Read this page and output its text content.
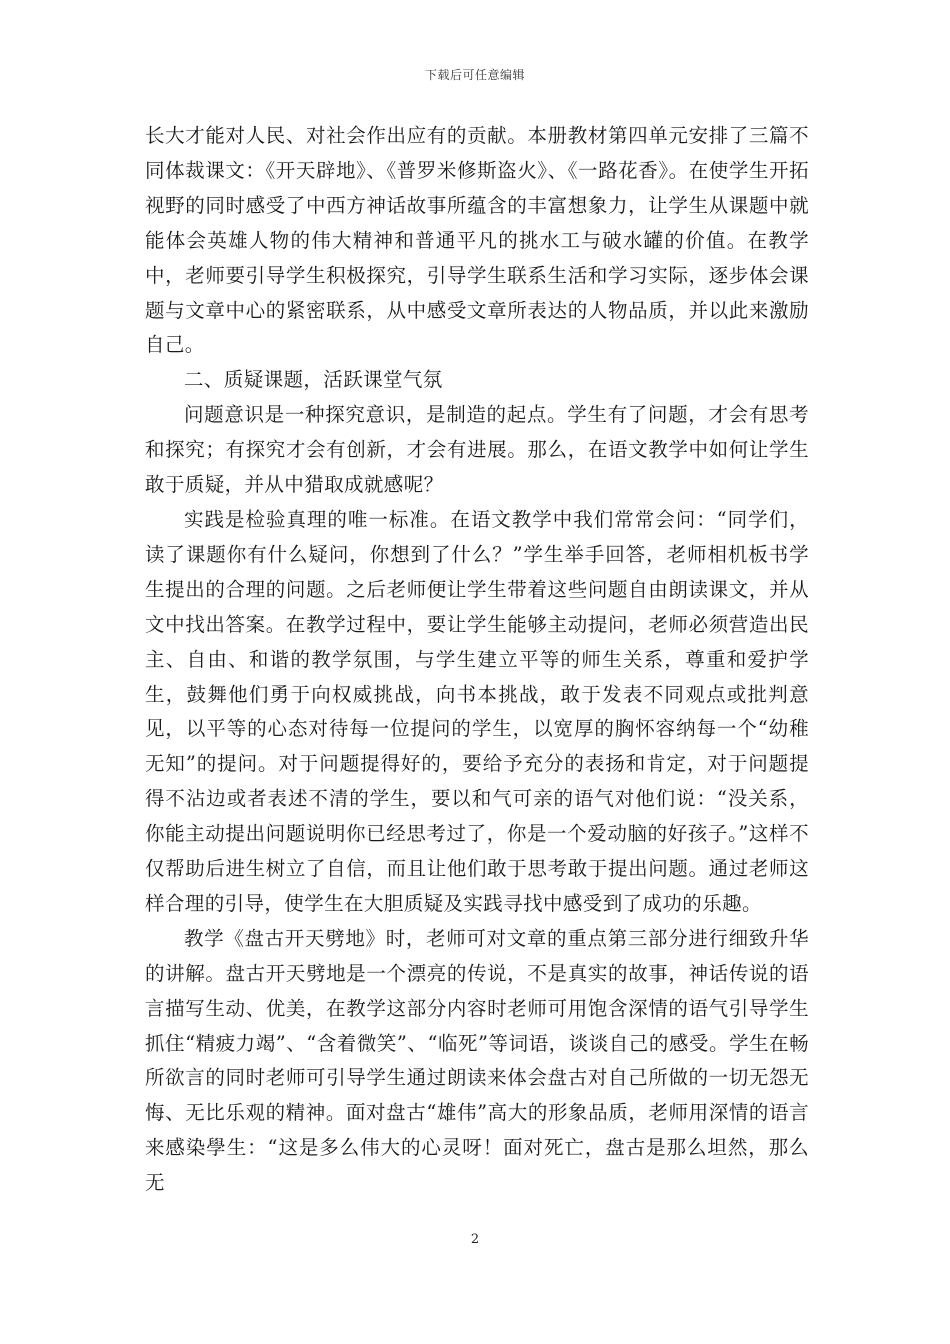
下载后可任意编辑

长大才能对人民、对社会作出应有的贡献。本册教材第四单元安排了三篇不同体裁课文：《开天辟地》、《普罗米修斯盗火》、《一路花香》。在使学生开拓视野的同时感受了中西方神话故事所蕴含的丰富想象力，让学生从课题中就能体会英雄人物的伟大精神和普通平凡的挑水工与破水罐的价值。在教学中，老师要引导学生积极探究，引导学生联系生活和学习实际，逐步体会课题与文章中心的紧密联系，从中感受文章所表达的人物品质，并以此来激励自己。

二、质疑课题，活跃课堂气氛

问题意识是一种探究意识，是制造的起点。学生有了问题，才会有思考和探究；有探究才会有创新，才会有进展。那么，在语文教学中如何让学生敢于质疑，并从中猎取成就感呢？

实践是检验真理的唯一标准。在语文教学中我们常常会问：“同学们，读了课题你有什么疑问，你想到了什么？”学生举手回答，老师相机板书学生提出的合理的问题。之后老师便让学生带着这些问题自由朗读课文，并从文中找出答案。在教学过程中，要让学生能够主动提问，老师必须营造出民主、自由、和谐的教学氛围，与学生建立平等的师生关系，尊重和爱护学生，鼓舞他们勇于向权威挑战，向书本挑战，敢于发表不同观点或批判意见，以平等的心态对待每一位提问的学生，以宽厚的胸怀容纳每一个“幼稚无知”的提问。对于问题提得好的，要给予充分的表扬和肯定，对于问题提得不沾边或者表述不清的学生，要以和气可亲的语气对他们说：“没关系，你能主动提出问题说明你已经思考过了，你是一个爱动脑的好孩子。”这样不仅帮助后进生树立了自信，而且让他们敢于思考敢于提出问题。通过老师这样合理的引导，使学生在大胆质疑及实践寻找中感受到了成功的乐趣。

教学《盘古开天劈地》时，老师可对文章的重点第三部分进行细致升华的讲解。盘古开天劈地是一个漂亮的传说，不是真实的故事，神话传说的语言描写生动、优美，在教学这部分内容时老师可用饱含深情的语气引导学生抓住“精疲力竭”、“含着微笑”、“临死”等词语，谈谈自己的感受。学生在畅所欲言的同时老师可引导学生通过朗读来体会盘古对自己所做的一切无怨无悔、无比乐观的精神。面对盘古“雄伟”高大的形象品质，老师用深情的语言来感染學生：“这是多么伟大的心灵呀！面对死亡，盘古是那么坦然，那么无

2
